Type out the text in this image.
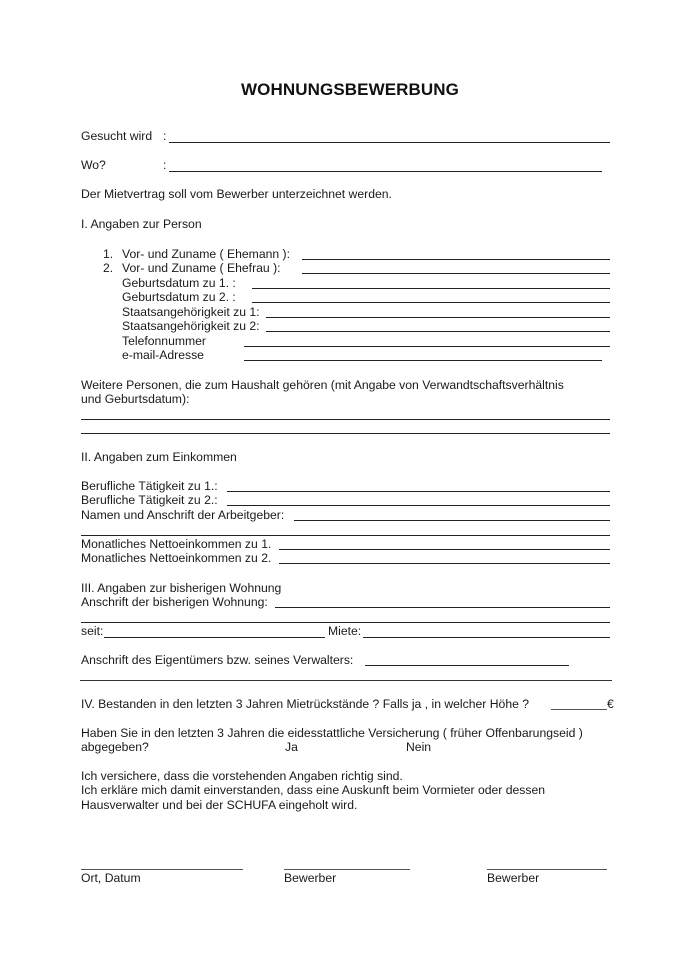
WOHNUNGSBEWERBUNG
Gesucht wird :
Wo?	:
Der Mietvertrag soll vom Bewerber unterzeichnet werden.
I. Angaben zur Person
1. Vor- und Zuname ( Ehemann ):
2. Vor- und Zuname ( Ehefrau ):
Geburtsdatum zu 1. :
Geburtsdatum zu 2. :
Staatsangehörigkeit zu 1:
Staatsangehörigkeit zu 2:
Telefonnummer
e-mail-Adresse
Weitere Personen, die zum Haushalt gehören (mit Angabe von Verwandtschaftsverhältnis
und Geburtsdatum):
II. Angaben zum Einkommen
Berufliche Tätigkeit zu 1.:
Berufliche Tätigkeit zu 2.:
Namen und Anschrift der Arbeitgeber:
Monatliches Nettoeinkommen zu 1.
Monatliches Nettoeinkommen zu 2.
III. Angaben zur bisherigen Wohnung
Anschrift der bisherigen Wohnung:
seit:	Miete:
Anschrift des Eigentümers bzw. seines Verwalters:
IV. Bestanden in den letzten 3 Jahren Mietrückstände ? Falls ja , in welcher Höhe ?	€
Haben Sie in den letzten 3 Jahren die eidesstattliche Versicherung ( früher Offenbarungseid )
abgegeben?	Ja	Nein
Ich versichere, dass die vorstehenden Angaben richtig sind.
Ich erkläre mich damit einverstanden, dass eine Auskunft beim Vormieter oder dessen
Hausverwalter und bei der SCHUFA eingeholt wird.
Ort, Datum	Bewerber	Bewerber
